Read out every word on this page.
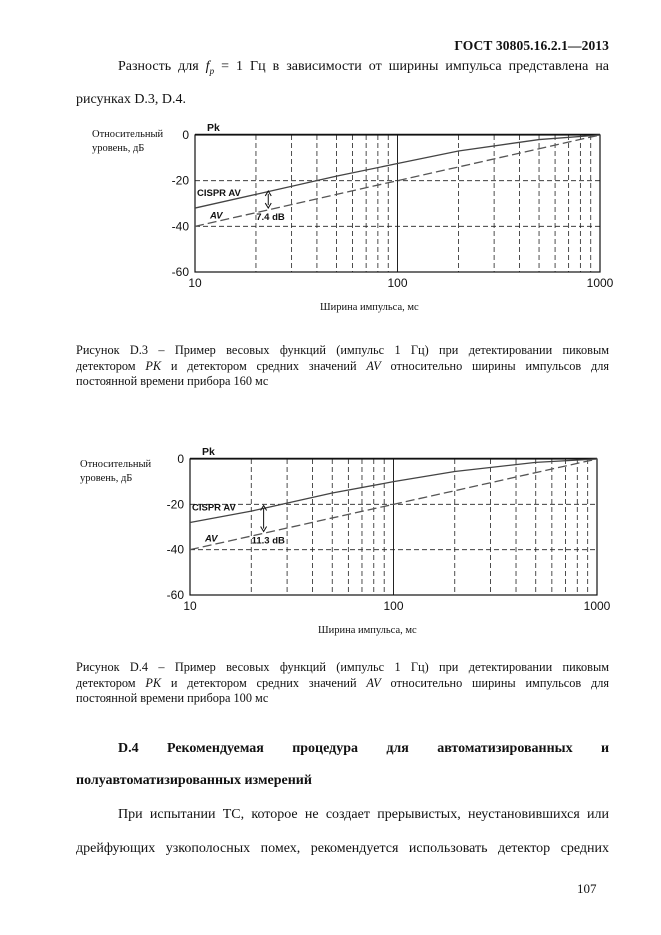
ГОСТ 30805.16.2.1—2013
Разность для $f_p = 1$ Гц в зависимости от ширины импульса представлена на
рисунках D.3, D.4.
Относительный
уровень, дБ
0
-20
-40
-60
10	100	1000
Pk
CISPR AV
AV	7.4 dB
Ширина импульса, мс
Рисунок D.3 – Пример весовых функций (импульс 1 Гц) при детектировании пиковым
детектором PK и детектором средних значений AV относительно ширины импульсов для
постоянной времени прибора 160 мс
Относительный
уровень, дБ
0
-20
-40
-60
10	100	1000
Pk
CISPR AV
AV	11.3 dB
Ширина импульса, мс
Рисунок D.4 – Пример весовых функций (импульс 1 Гц) при детектировании пиковым
детектором PK и детектором средних значений AV относительно ширины импульсов для
постоянной времени прибора 100 мс
D.4 Рекомендуемая процедура для автоматизированных и
полуавтоматизированных измерений
При испытании ТС, которое не создает прерывистых, неустановившихся или
дрейфующих узкополосных помех, рекомендуется использовать детектор средних
107
